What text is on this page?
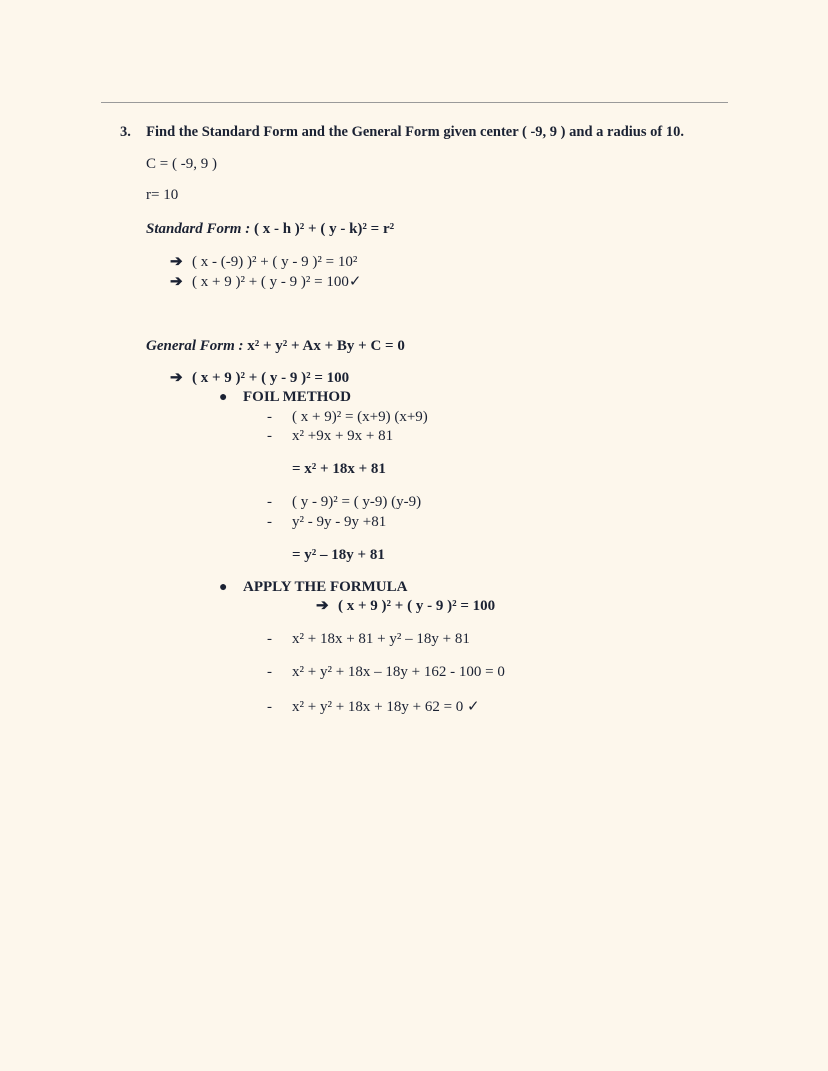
3. Find the Standard Form and the General Form given center ( -9, 9 ) and a radius of 10.
C = ( -9, 9 )
r= 10
Standard Form : ( x - h )² + ( y - k)² = r²
➔ ( x - (-9) )² + ( y - 9 )² = 10²
➔ ( x + 9 )² + ( y - 9 )² = 100✓
General Form : x² + y² + Ax + By + C = 0
➔ ( x + 9 )² + ( y - 9 )² = 100
● FOIL METHOD
- ( x + 9)² = (x+9) (x+9)
- x² +9x + 9x + 81
= x² + 18x + 81
- ( y - 9)² = ( y-9) (y-9)
- y² - 9y - 9y +81
= y² – 18y + 81
● APPLY THE FORMULA
➔ ( x + 9 )² + ( y - 9 )² = 100
- x² + 18x + 81 + y² – 18y + 81
- x² + y² + 18x – 18y + 162 - 100 = 0
- x² + y² + 18x + 18y + 62 = 0 ✓
